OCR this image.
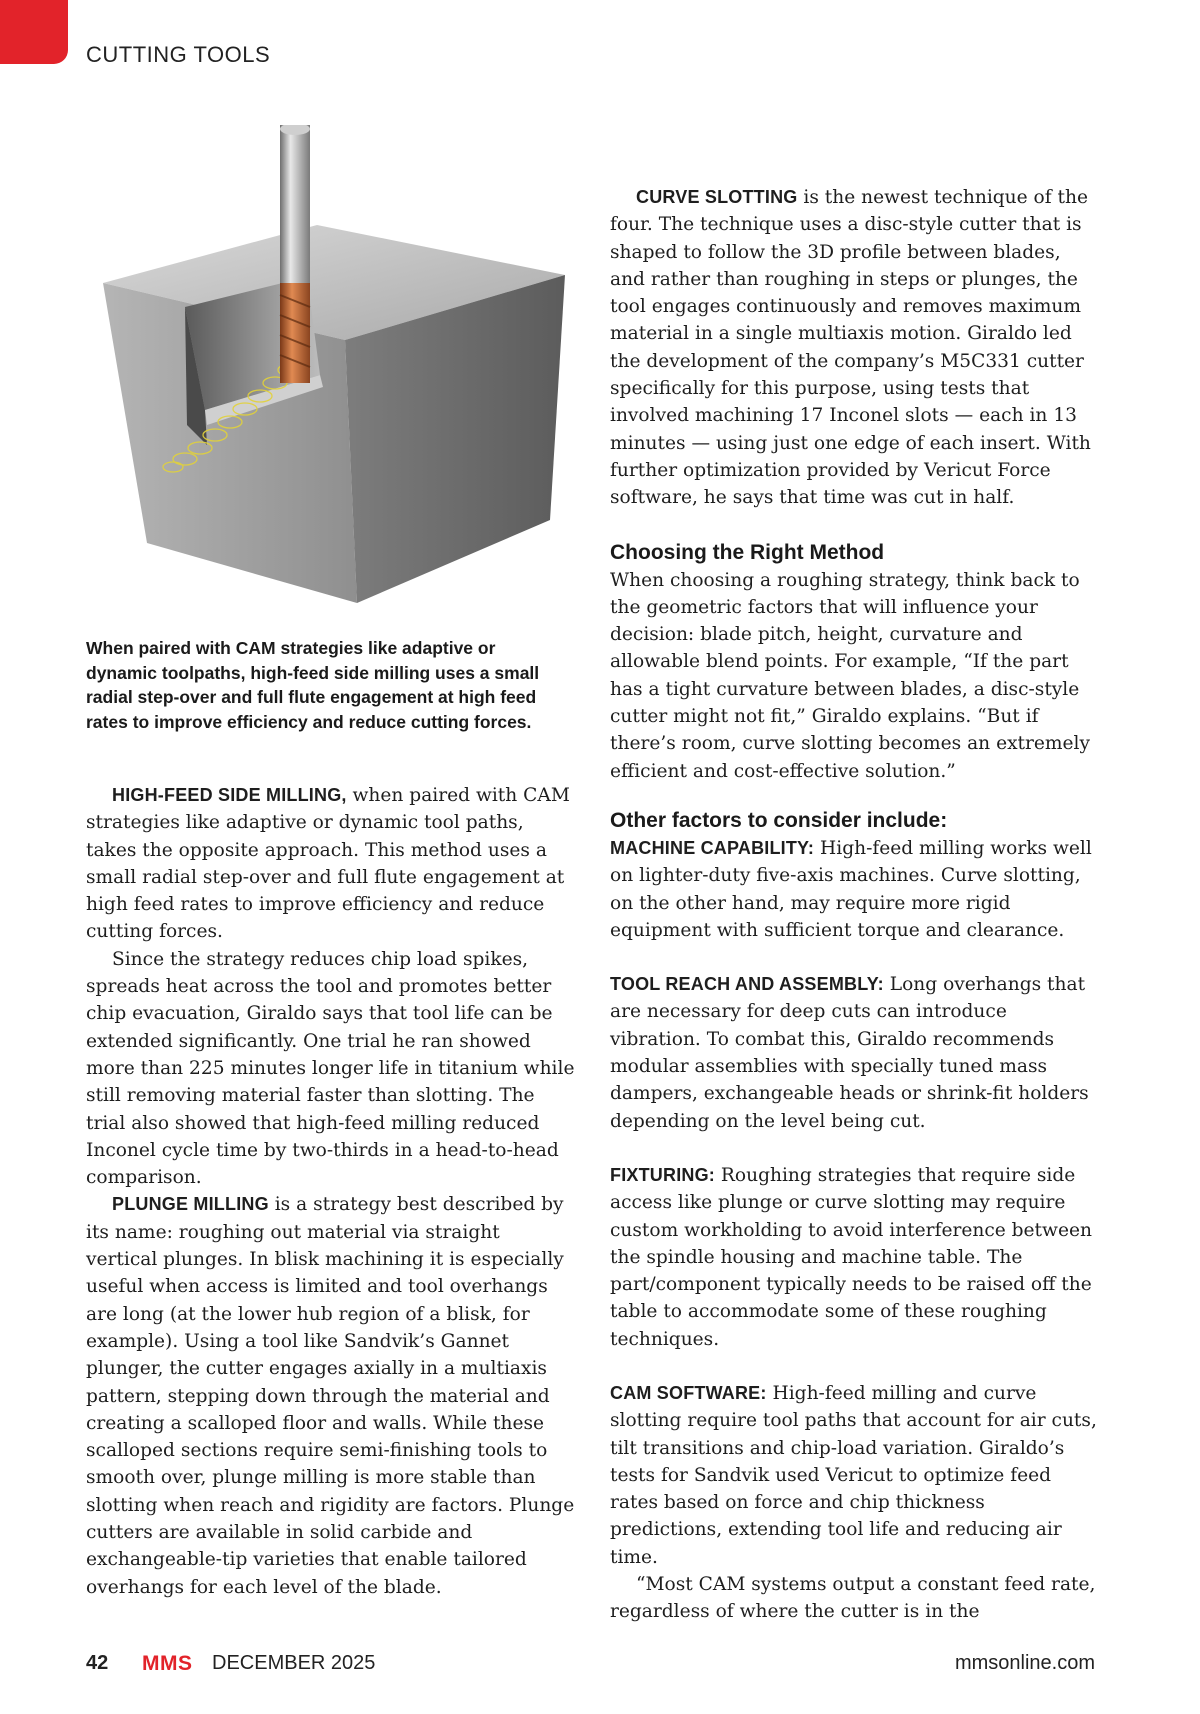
CUTTING TOOLS
When paired with CAM strategies like adaptive or dynamic toolpaths, high-feed side milling uses a small radial step-over and full flute engagement at high feed rates to improve efficiency and reduce cutting forces.

HIGH-FEED SIDE MILLING, when paired with CAM strategies like adaptive or dynamic tool paths, takes the opposite approach. This method uses a small radial step-over and full flute engagement at high feed rates to improve efficiency and reduce cutting forces.

Since the strategy reduces chip load spikes, spreads heat across the tool and promotes better chip evacuation, Giraldo says that tool life can be extended significantly. One trial he ran showed more than 225 minutes longer life in titanium while still removing material faster than slotting. The trial also showed that high-feed milling reduced Inconel cycle time by two-thirds in a head-to-head comparison.

PLUNGE MILLING is a strategy best described by its name: roughing out material via straight vertical plunges. In blisk machining it is especially useful when access is limited and tool overhangs are long (at the lower hub region of a blisk, for example). Using a tool like Sandvik’s Gannet plunger, the cutter engages axially in a multiaxis pattern, stepping down through the material and creating a scalloped floor and walls. While these scalloped sections require semi-finishing tools to smooth over, plunge milling is more stable than slotting when reach and rigidity are factors. Plunge cutters are available in solid carbide and exchangeable-tip varieties that enable tailored overhangs for each level of the blade.

CURVE SLOTTING is the newest technique of the four. The technique uses a disc-style cutter that is shaped to follow the 3D profile between blades, and rather than roughing in steps or plunges, the tool engages continuously and removes maximum material in a single multiaxis motion. Giraldo led the development of the company’s M5C331 cutter specifically for this purpose, using tests that involved machining 17 Inconel slots — each in 13 minutes — using just one edge of each insert. With further optimization provided by Vericut Force software, he says that time was cut in half.

Choosing the Right Method

When choosing a roughing strategy, think back to the geometric factors that will influence your decision: blade pitch, height, curvature and allowable blend points. For example, “If the part has a tight curvature between blades, a disc-style cutter might not fit,” Giraldo explains. “But if there’s room, curve slotting becomes an extremely efficient and cost-effective solution.”

Other factors to consider include:

MACHINE CAPABILITY: High-feed milling works well on lighter-duty five-axis machines. Curve slotting, on the other hand, may require more rigid equipment with sufficient torque and clearance.

TOOL REACH AND ASSEMBLY: Long overhangs that are necessary for deep cuts can introduce vibration. To combat this, Giraldo recommends modular assemblies with specially tuned mass dampers, exchangeable heads or shrink-fit holders depending on the level being cut.

FIXTURING: Roughing strategies that require side access like plunge or curve slotting may require custom workholding to avoid interference between the spindle housing and machine table. The part/component typically needs to be raised off the table to accommodate some of these roughing techniques.

CAM SOFTWARE: High-feed milling and curve slotting require tool paths that account for air cuts, tilt transitions and chip-load variation. Giraldo’s tests for Sandvik used Vericut to optimize feed rates based on force and chip thickness predictions, extending tool life and reducing air time.

“Most CAM systems output a constant feed rate, regardless of where the cutter is in the

42 MMS DECEMBER 2025	mmsonline.com
